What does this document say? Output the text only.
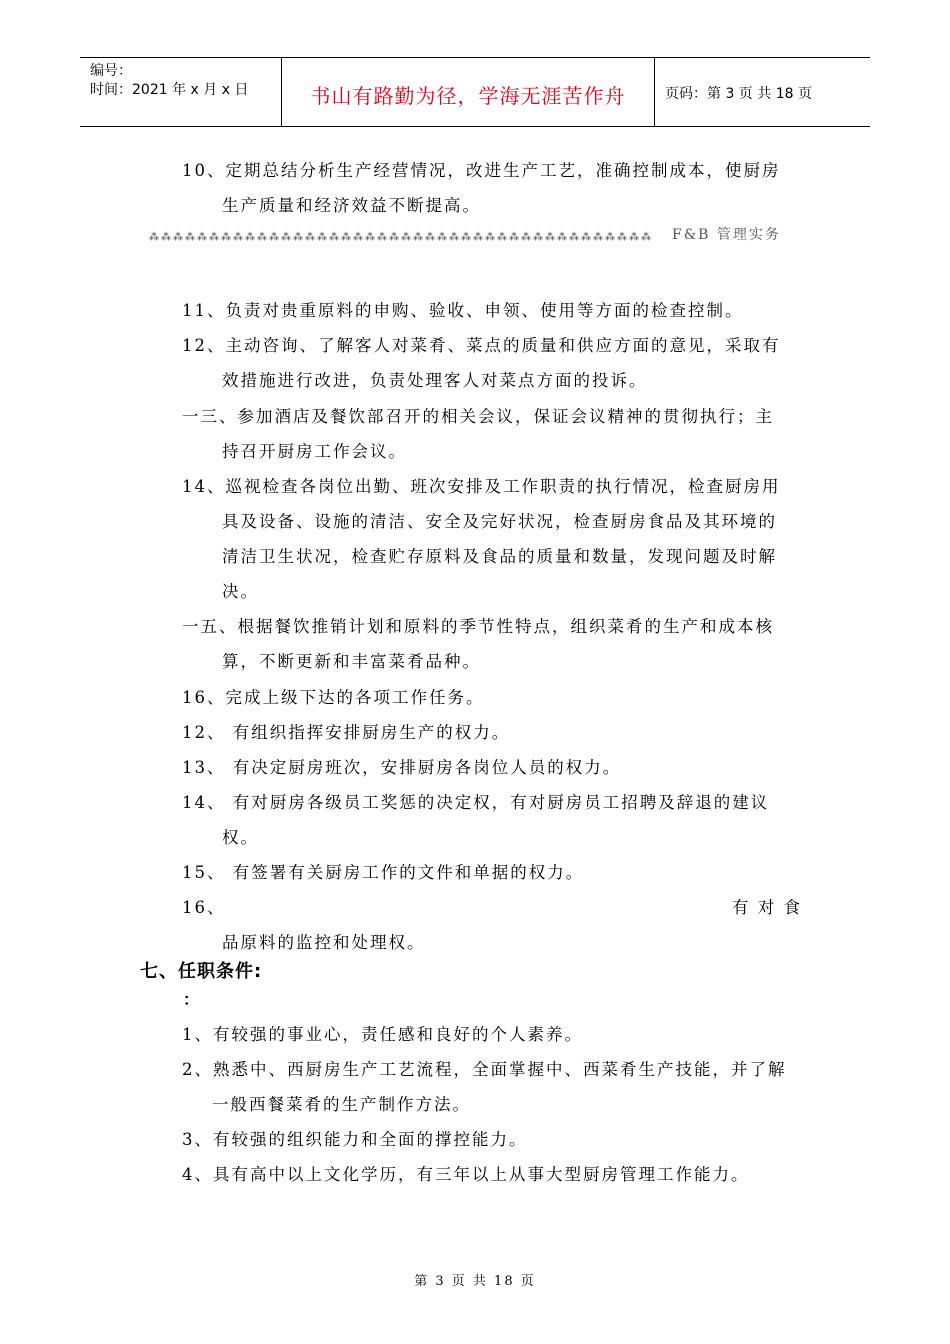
编号：
时间：2021 年 x 月 x 日	书山有路勤为径，学海无涯苦作舟	页码：第 3 页 共 18 页
10、定期总结分析生产经营情况，改进生产工艺，准确控制成本，使厨房
生产质量和经济效益不断提高。
⁂ ⁂ ⁂ ⁂ ⁂ ⁂ ⁂ ⁂ ⁂ ⁂ ⁂ ⁂ ⁂ ⁂ ⁂ ⁂ ⁂ ⁂ ⁂ ⁂ ⁂ ⁂ ⁂ ⁂ ⁂ ⁂ ⁂ ⁂ ⁂ ⁂ ⁂ ⁂ ⁂ ⁂ ⁂ ⁂ ⁂ ⁂ ⁂ ⁂ ⁂ ⁂	F&B 管理实务
11、负责对贵重原料的申购、验收、申领、使用等方面的检查控制。
12、主动咨询、了解客人对菜肴、菜点的质量和供应方面的意见，采取有
效措施进行改进，负责处理客人对菜点方面的投诉。
一三、参加酒店及餐饮部召开的相关会议，保证会议精神的贯彻执行；主
持召开厨房工作会议。
14、巡视检查各岗位出勤、班次安排及工作职责的执行情况，检查厨房用
具及设备、设施的清洁、安全及完好状况，检查厨房食品及其环境的
清洁卫生状况，检查贮存原料及食品的质量和数量，发现问题及时解
决。
一五、根据餐饮推销计划和原料的季节性特点，组织菜肴的生产和成本核
算，不断更新和丰富菜肴品种。
16、完成上级下达的各项工作任务。
12、 有组织指挥安排厨房生产的权力。
13、 有决定厨房班次，安排厨房各岗位人员的权力。
14、 有对厨房各级员工奖惩的决定权，有对厨房员工招聘及辞退的建议
权。
15、 有签署有关厨房工作的文件和单据的权力。
16、	有 对 食
品原料的监控和处理权。
七、任职条件:
：
1、有较强的事业心，责任感和良好的个人素养。
2、熟悉中、西厨房生产工艺流程，全面掌握中、西菜肴生产技能，并了解
一般西餐菜肴的生产制作方法。
3、有较强的组织能力和全面的撑控能力。
4、具有高中以上文化学历，有三年以上从事大型厨房管理工作能力。
第 3 页 共 18 页
